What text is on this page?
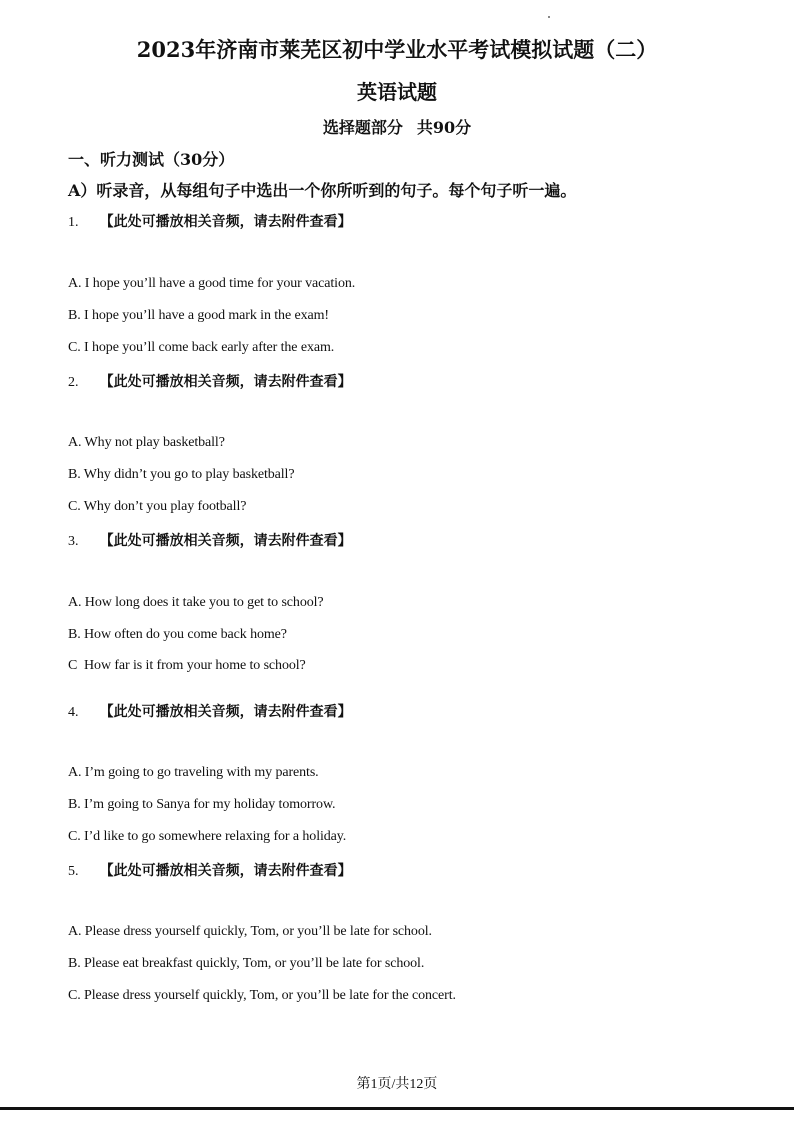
2023年济南市莱芜区初中学业水平考试模拟试题（二）
英语试题
选择题部分 共90分
一、听力测试（30分）
A）听录音，从每组句子中选出一个你所听到的句子。每个句子听一遍。
1. 【此处可播放相关音频，请去附件查看】
A. I hope you’ll have a good time for your vacation.
B. I hope you’ll have a good mark in the exam!
C. I hope you’ll come back early after the exam.
2. 【此处可播放相关音频，请去附件查看】
A. Why not play basketball?
B. Why didn’t you go to play basketball?
C. Why don’t you play football?
3. 【此处可播放相关音频，请去附件查看】
A. How long does it take you to get to school?
B. How often do you come back home?
C  How far is it from your home to school?
4. 【此处可播放相关音频，请去附件查看】
A. I’m going to go traveling with my parents.
B. I’m going to Sanya for my holiday tomorrow.
C. I’d like to go somewhere relaxing for a holiday.
5. 【此处可播放相关音频，请去附件查看】
A. Please dress yourself quickly, Tom, or you’ll be late for school.
B. Please eat breakfast quickly, Tom, or you’ll be late for school.
C. Please dress yourself quickly, Tom, or you’ll be late for the concert.
第1页/共12页
